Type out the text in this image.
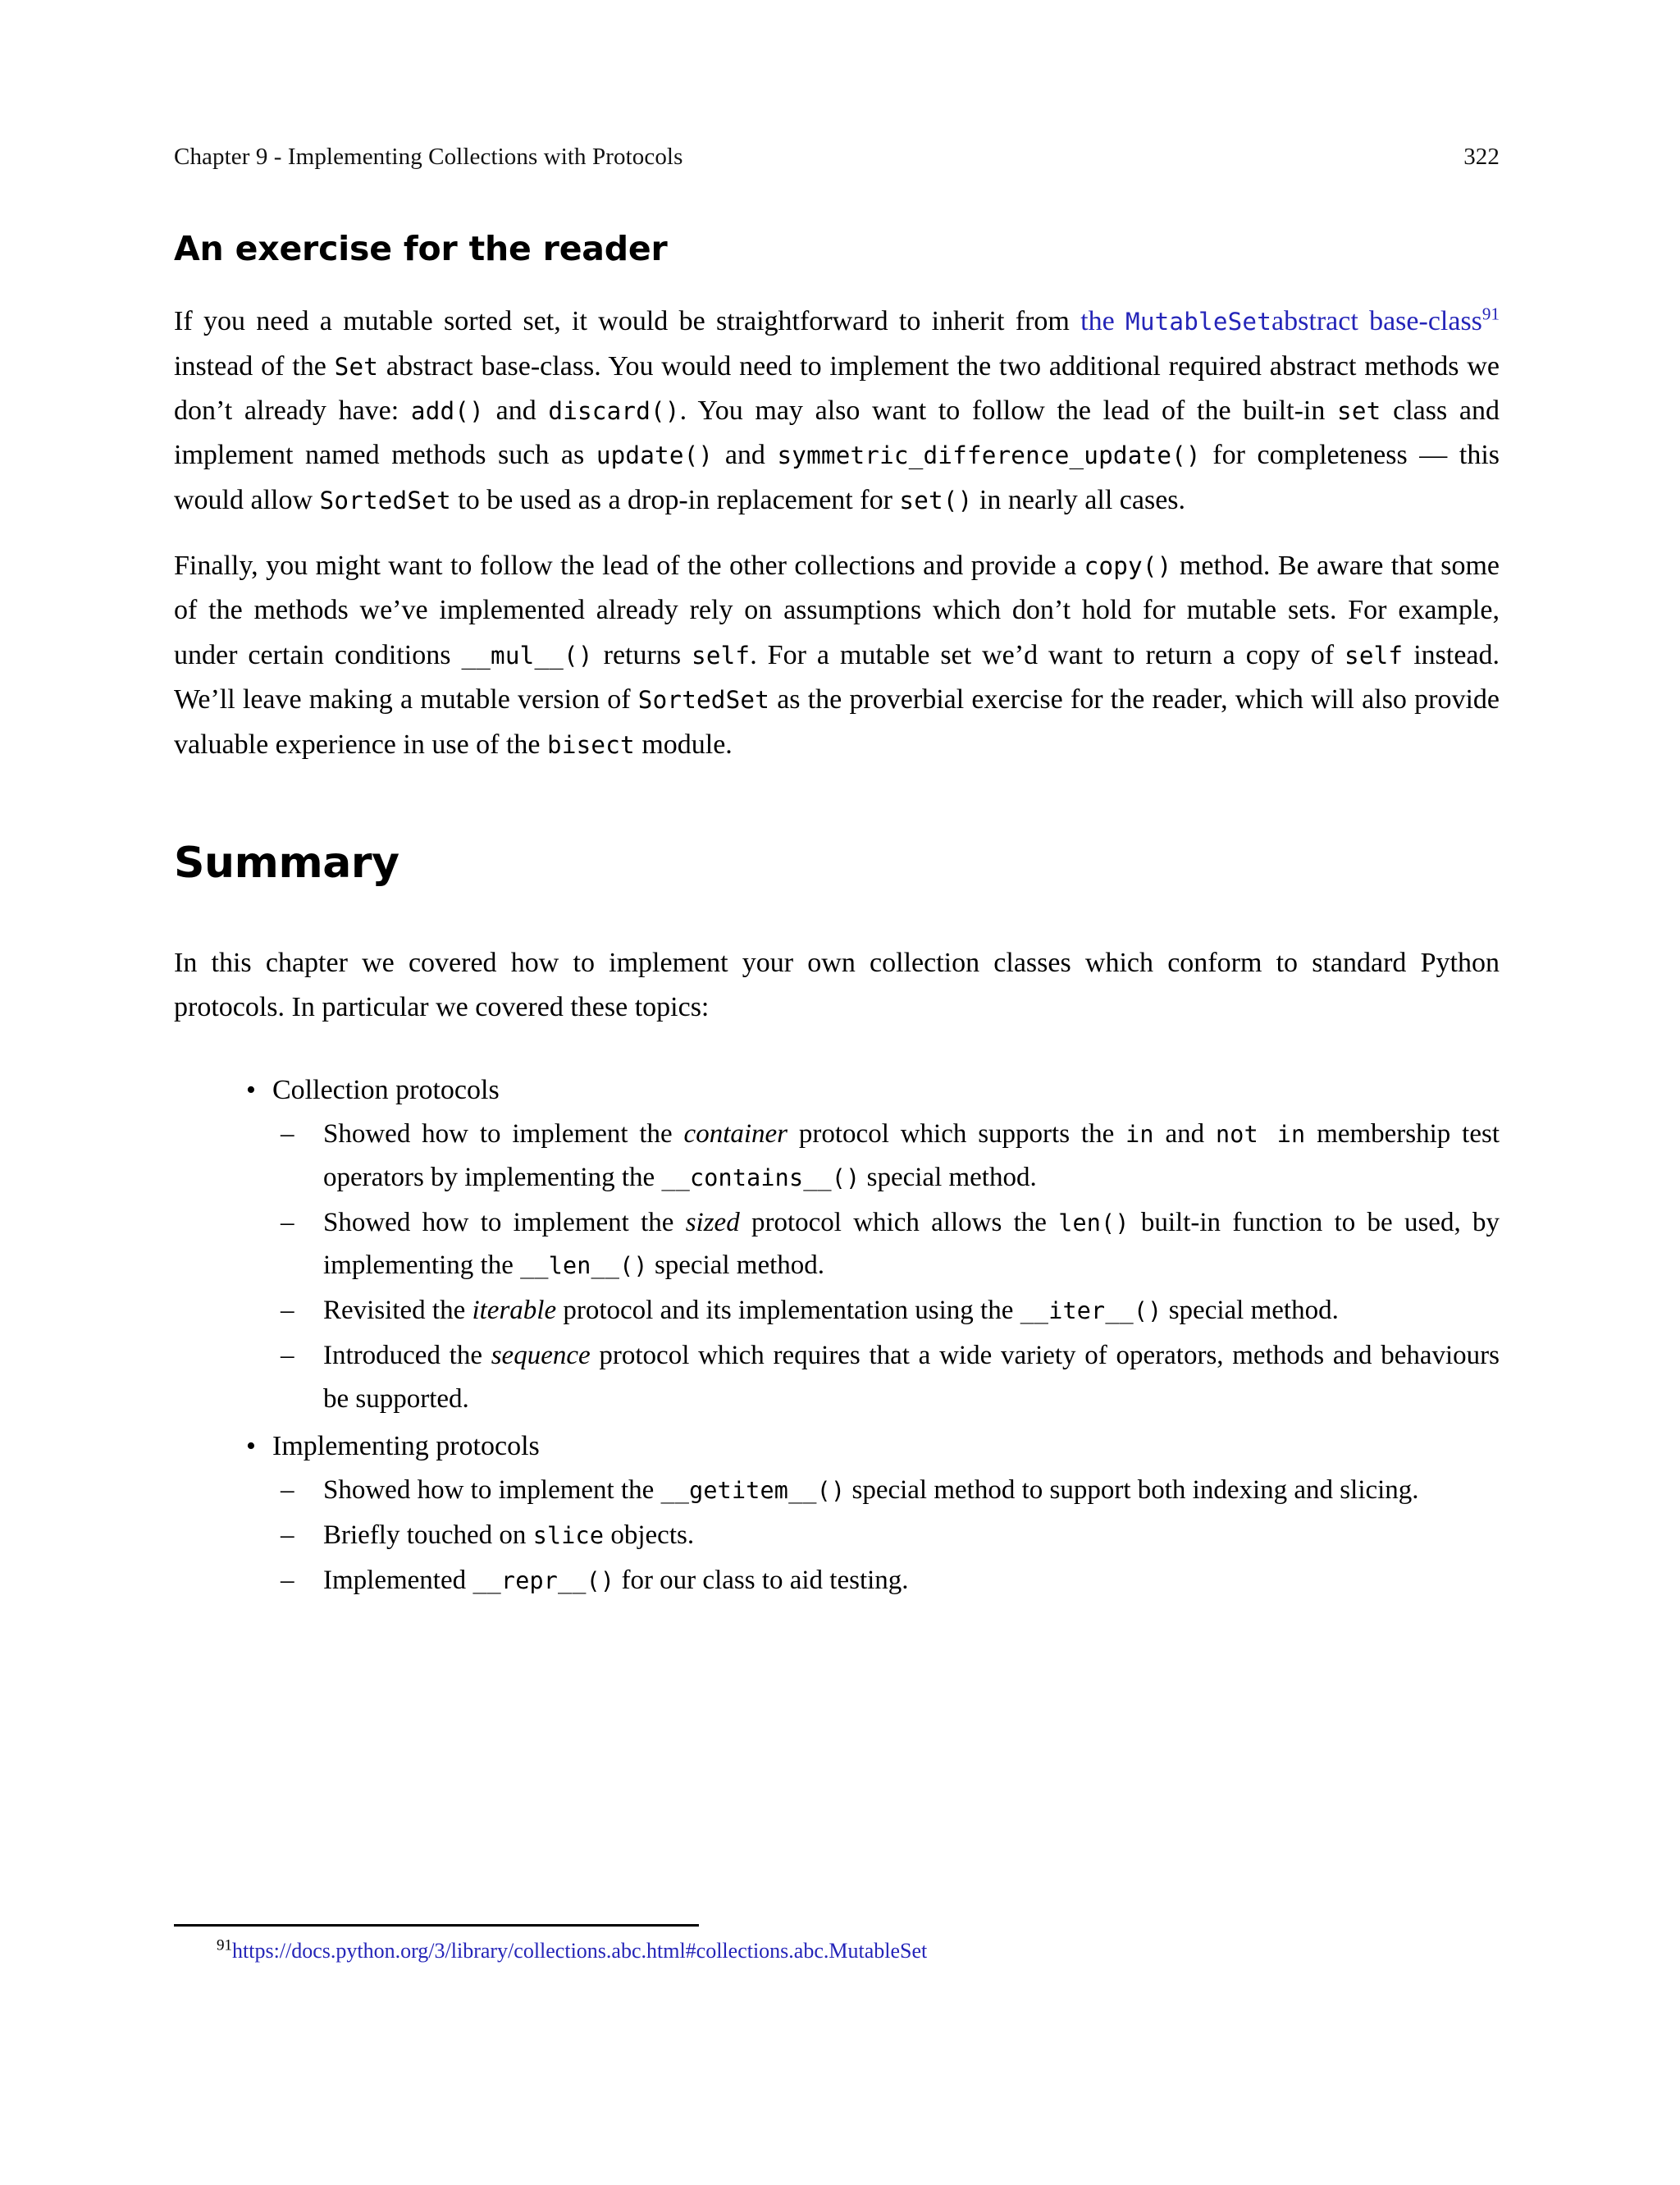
Chapter 9 - Implementing Collections with Protocols	322
An exercise for the reader

If you need a mutable sorted set, it would be straightforward to inherit from the MutableSetabstract base-class$^{91}$ instead of the Set abstract base-class. You would need to implement the two additional required abstract methods we don’t already have: add() and discard(). You may also want to follow the lead of the built-in set class and implement named methods such as update() and symmetric_difference_update() for completeness — this would allow SortedSet to be used as a drop-in replacement for set() in nearly all cases.

Finally, you might want to follow the lead of the other collections and provide a copy() method. Be aware that some of the methods we’ve implemented already rely on assumptions which don’t hold for mutable sets. For example, under certain conditions __mul__() returns self. For a mutable set we’d want to return a copy of self instead. We’ll leave making a mutable version of SortedSet as the proverbial exercise for the reader, which will also provide valuable experience in use of the bisect module.

Summary

In this chapter we covered how to implement your own collection classes which conform to standard Python protocols. In particular we covered these topics:

• Collection protocols
– Showed how to implement the container protocol which supports the in and not in membership test operators by implementing the __contains__() special method.
– Showed how to implement the sized protocol which allows the len() built-in function to be used, by implementing the __len__() special method.
– Revisited the iterable protocol and its implementation using the __iter__() special method.
– Introduced the sequence protocol which requires that a wide variety of operators, methods and behaviours be supported.
• Implementing protocols
– Showed how to implement the __getitem__() special method to support both indexing and slicing.
– Briefly touched on slice objects.
– Implemented __repr__() for our class to aid testing.
$^{91}$https://docs.python.org/3/library/collections.abc.html#collections.abc.MutableSet
